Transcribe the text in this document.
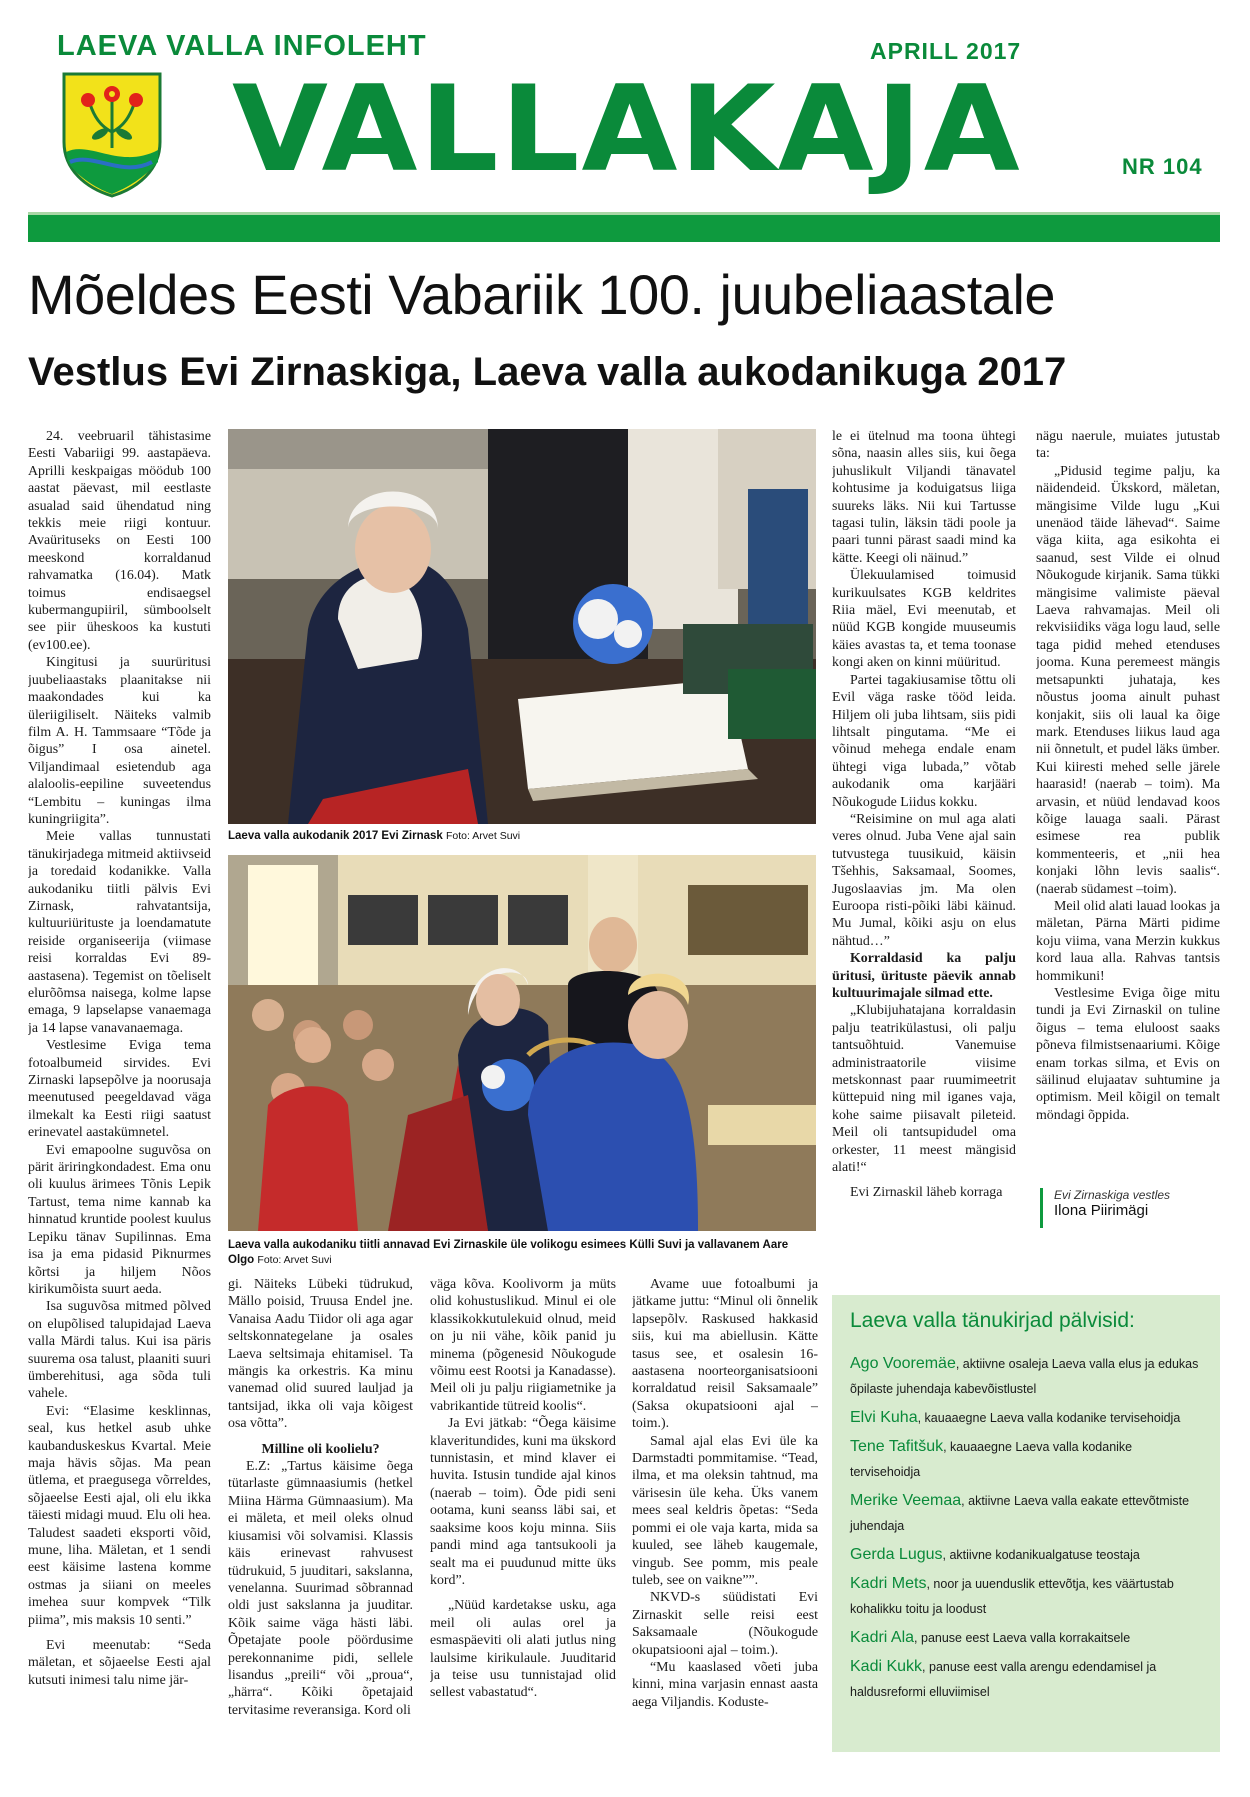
LAEVA VALLA INFOLEHT	APRILL 2017
VALLAKAJA	NR 104
Mõeldes Eesti Vabariik 100. juubeliaastale
Vestlus Evi Zirnaskiga, Laeva valla aukodanikuga 2017

24. veebruaril tähistasime Eesti Vabariigi 99. aastapäeva. Aprilli keskpaigas möödub 100 aastat päevast, mil eestlaste asualad said ühendatud ning tekkis meie riigi kontuur. Avaürituseks on Eesti 100 meeskond korraldanud rahvamatka (16.04). Matk toimus endisaegsel kubermangupiiril, sümboolselt see piir üheskoos ka kustuti (ev100.ee).

Kingitusi ja suurüritusi juubeliaastaks plaanitakse nii maakondades kui ka üleriigiliselt. Näiteks valmib film A. H. Tammsaare “Tõde ja õigus” I osa ainetel. Viljandimaal esietendub aga alaloolis-eepiline suveetendus “Lembitu – kuningas ilma kuningriigita”.

Meie vallas tunnustati tänukirjadega mitmeid aktiivseid ja toredaid kodanikke. Valla aukodaniku tiitli pälvis Evi Zirnask, rahvatantsija, kultuuriürituste ja loendamatute reiside organiseerija (viimase reisi korraldas Evi 89-aastasena). Tegemist on tõeliselt elurõõmsa naisega, kolme lapse emaga, 9 lapselapse vanaemaga ja 14 lapse vanavanaemaga.

Vestlesime Eviga tema fotoalbumeid sirvides. Evi Zirnaski lapsepõlve ja noorusaja meenutused peegeldavad väga ilmekalt ka Eesti riigi saatust erinevatel aastakümnetel.

Evi emapoolne suguvõsa on pärit äriringkondadest. Ema onu oli kuulus ärimees Tõnis Lepik Tartust, tema nime kannab ka hinnatud kruntide poolest kuulus Lepiku tänav Supilinnas. Ema isa ja ema pidasid Piknurmes kõrtsi ja hiljem Nõos kirikumõista suurt aeda.

Isa suguvõsa mitmed põlved on elupõlised talupidajad Laeva valla Märdi talus. Kui isa päris suurema osa talust, plaaniti suuri ümberehitusi, aga sõda tuli vahele.

Evi: “Elasime kesklinnas, seal, kus hetkel asub uhke kaubanduskeskus Kvartal. Meie maja hävis sõjas. Ma pean ütlema, et praegusega võrreldes, sõjaeelse Eesti ajal, oli elu ikka täiesti midagi muud. Elu oli hea. Taludest saadeti eksporti võid, mune, liha. Mäletan, et 1 sendi eest käisime lastena komme ostmas ja siiani on meeles imehea suur kompvek “Tilk piima”, mis maksis 10 senti.”

Evi meenutab: “Seda mäletan, et sõjaeelse Eesti ajal kutsuti inimesi talu nime jär-

Laeva valla aukodanik 2017 Evi Zirnask Foto: Arvet Suvi
Laeva valla aukodaniku tiitli annavad Evi Zirnaskile üle volikogu esimees Külli Suvi ja vallavanem Aare Olgo Foto: Arvet Suvi

gi. Näiteks Lübeki tüdrukud, Mällo poisid, Truusa Endel jne. Vanaisa Aadu Tiidor oli aga agar seltskonnategelane ja osales Laeva seltsimaja ehitamisel. Ta mängis ka orkestris. Ka minu vanemad olid suured lauljad ja tantsijad, ikka oli vaja kõigest osa võtta”.

Milline oli koolielu?

E.Z: „Tartus käisime õega tütarlaste gümnaasiumis (hetkel Miina Härma Gümnaasium). Ma ei mäleta, et meil oleks olnud kiusamisi või solvamisi. Klassis käis erinevast rahvusest tüdrukuid, 5 juuditari, sakslanna, venelanna. Suurimad sõbrannad oldi just sakslanna ja juuditar. Kõik saime väga hästi läbi. Õpetajate poole pöördusime perekonnanime pidi, sellele lisandus „preili“ või „proua“, „härra“. Kõiki õpetajaid tervitasime reveransiga. Kord oli

väga kõva. Koolivorm ja müts olid kohustuslikud. Minul ei ole klassikokkutulekuid olnud, meid on ju nii vähe, kõik panid ju minema (põgenesid Nõukogude võimu eest Rootsi ja Kanadasse). Meil oli ju palju riigiametnike ja vabrikantide tütreid koolis“.

Ja Evi jätkab: “Õega käisime klaveritundides, kuni ma ükskord tunnistasin, et mind klaver ei huvita. Istusin tundide ajal kinos (naerab – toim). Õde pidi seni ootama, kuni seanss läbi sai, et saaksime koos koju minna. Siis pandi mind aga tantsukooli ja sealt ma ei puudunud mitte üks kord”.

„Nüüd kardetakse usku, aga meil oli aulas orel ja esmaspäeviti oli alati jutlus ning laulsime kirikulaule. Juuditarid ja teise usu tunnistajad olid sellest vabastatud“.

Avame uue fotoalbumi ja jätkame juttu: “Minul oli õnnelik lapsepõlv. Raskused hakkasid siis, kui ma abiellusin. Kätte tasus see, et osalesin 16-aastasena noorteorganisatsiooni korraldatud reisil Saksamaale” (Saksa okupatsiooni ajal – toim.).

Samal ajal elas Evi üle ka Darmstadti pommitamise. “Tead, ilma, et ma oleksin tahtnud, ma värisesin üle keha. Üks vanem mees seal keldris õpetas: “Seda pommi ei ole vaja karta, mida sa kuuled, see läheb kaugemale, vingub. See pomm, mis peale tuleb, see on vaikne””.

NKVD-s süüdistati Evi Zirnaskit selle reisi eest Saksamaale (Nõukogude okupatsiooni ajal – toim.).

“Mu kaaslased võeti juba kinni, mina varjasin ennast aasta aega Viljandis. Koduste-

le ei ütelnud ma toona ühtegi sõna, naasin alles siis, kui õega juhuslikult Viljandi tänavatel kohtusime ja koduigatsus liiga suureks läks. Nii kui Tartusse tagasi tulin, läksin tädi poole ja paari tunni pärast saadi mind ka kätte. Keegi oli näinud.”

Ülekuulamised toimusid kurikuulsates KGB keldrites Riia mäel, Evi meenutab, et nüüd KGB kongide muuseumis käies avastas ta, et tema toonase kongi aken on kinni müüritud.

Partei tagakiusamise tõttu oli Evil väga raske tööd leida. Hiljem oli juba lihtsam, siis pidi lihtsalt pingutama. “Me ei võinud mehega endale enam ühtegi viga lubada,” võtab aukodanik oma karjääri Nõukogude Liidus kokku.

“Reisimine on mul aga alati veres olnud. Juba Vene ajal sain tutvustega tuusikuid, käisin Tšehhis, Saksamaal, Soomes, Jugoslaavias jm. Ma olen Euroopa risti-põiki läbi käinud. Mu Jumal, kõiki asju on elus nähtud…”

Korraldasid ka palju üritusi, ürituste päevik annab kultuurimajale silmad ette.

„Klubijuhatajana korraldasin palju teatrikülastusi, oli palju tantsuõhtuid. Vanemuise administraatorile viisime metskonnast paar ruumimeetrit küttepuid ning mil iganes vaja, kohe saime piisavalt pileteid. Meil oli tantsupidudel oma orkester, 11 meest mängisid alati!“

Evi Zirnaskil läheb korraga

nägu naerule, muiates jutustab ta:

„Pidusid tegime palju, ka näidendeid. Ükskord, mäletan, mängisime Vilde lugu „Kui unenäod täide lähevad“. Saime väga kiita, aga esikohta ei saanud, sest Vilde ei olnud Nõukogude kirjanik. Sama tükki mängisime valimiste päeval Laeva rahvamajas. Meil oli rekvisiidiks väga logu laud, selle taga pidid mehed etenduses jooma. Kuna peremeest mängis metsapunkti juhataja, kes nõustus jooma ainult puhast konjakit, siis oli laual ka õige mark. Etenduses liikus laud aga nii õnnetult, et pudel läks ümber. Kui kiiresti mehed selle järele haarasid! (naerab – toim). Ma arvasin, et nüüd lendavad koos kõige lauaga saali. Pärast esimese rea publik kommenteeris, et „nii hea konjaki lõhn levis saalis“. (naerab südamest –toim).

Meil olid alati lauad lookas ja mäletan, Pärna Märti pidime koju viima, vana Merzin kukkus kord laua alla. Rahvas tantsis hommikuni!

Vestlesime Eviga õige mitu tundi ja Evi Zirnaskil on tuline õigus – tema eluloost saaks põneva filmistsenaariumi. Kõige enam torkas silma, et Evis on säilinud elujaatav suhtumine ja optimism. Meil kõigil on temalt möndagi õppida.

Evi Zirnaskiga vestles
Ilona Piirimägi
Laeva valla tänukirjad pälvisid:
Ago Vooremäe, aktiivne osaleja Laeva valla elus ja edukas õpilaste juhendaja kabevõistlustel
Elvi Kuha, kauaaegne Laeva valla kodanike tervisehoidja
Tene Tafitšuk, kauaaegne Laeva valla kodanike tervisehoidja
Merike Veemaa, aktiivne Laeva valla eakate ettevõtmiste juhendaja
Gerda Lugus, aktiivne kodanikualgatuse teostaja
Kadri Mets, noor ja uuenduslik ettevõtja, kes väärtustab kohalikku toitu ja loodust
Kadri Ala, panuse eest Laeva valla korrakaitsele
Kadi Kukk, panuse eest valla arengu edendamisel ja haldusreformi elluviimisel
